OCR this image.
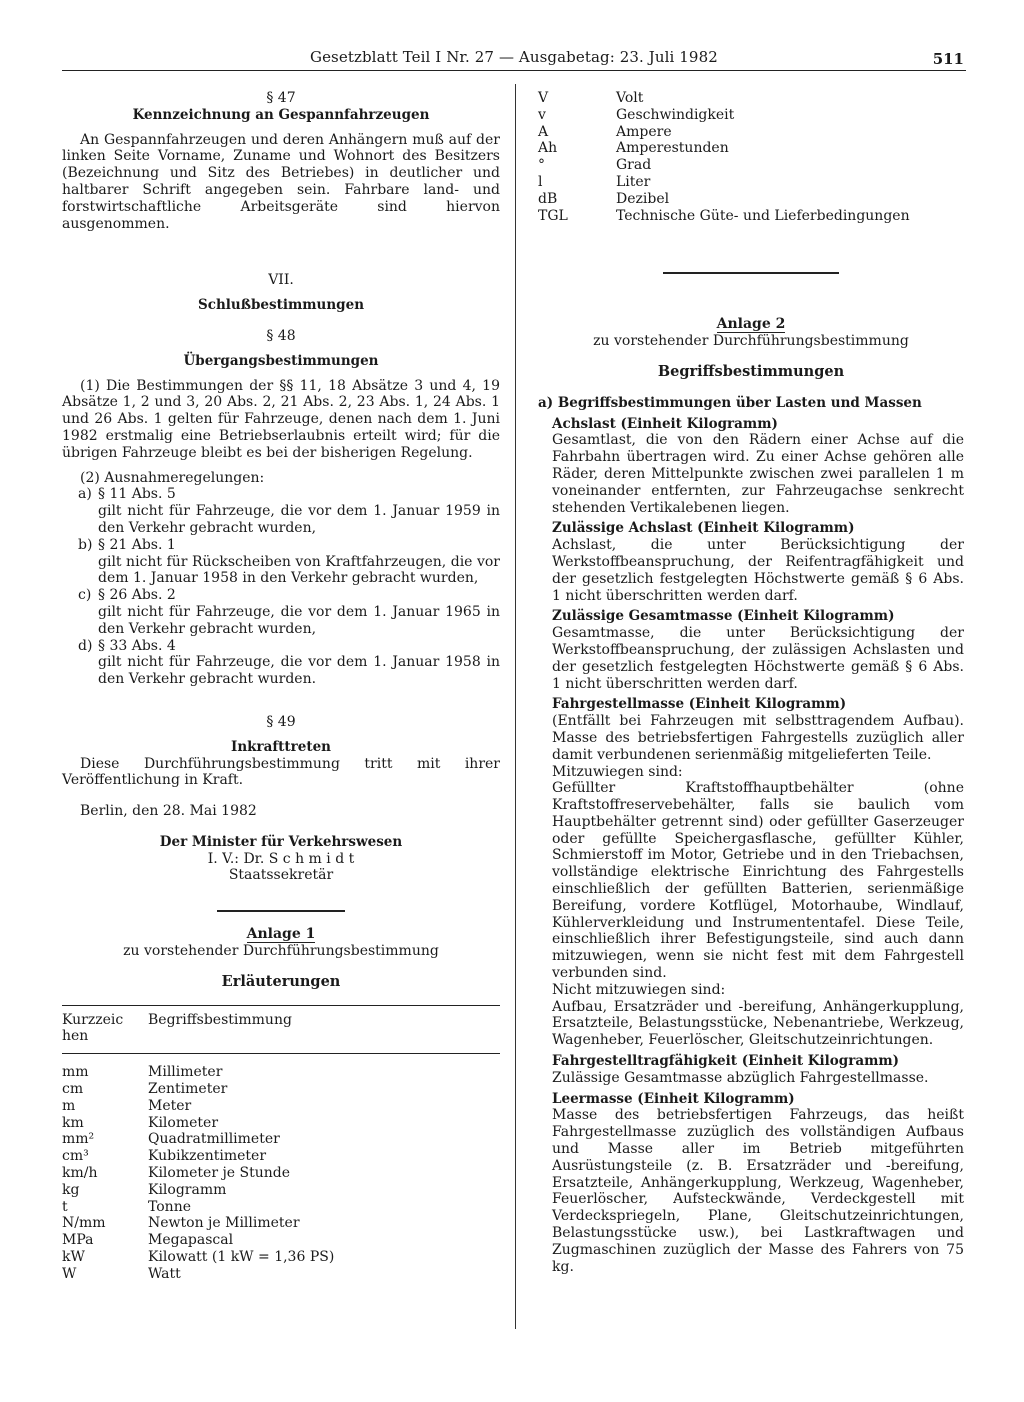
Gesetzblatt Teil I Nr. 27 — Ausgabetag: 23. Juli 1982	511

§ 47

Kennzeichnung an Gespannfahrzeugen

An Gespannfahrzeugen und deren Anhängern muß auf der linken Seite Vorname, Zuname und Wohnort des Besitzers (Bezeichnung und Sitz des Betriebes) in deutlicher und haltbarer Schrift angegeben sein. Fahrbare land- und forstwirtschaftliche Arbeitsgeräte sind hiervon ausgenommen.

VII.

Schlußbestimmungen

§ 48

Übergangsbestimmungen

(1) Die Bestimmungen der §§ 11, 18 Absätze 3 und 4, 19 Absätze 1, 2 und 3, 20 Abs. 2, 21 Abs. 2, 23 Abs. 1, 24 Abs. 1 und 26 Abs. 1 gelten für Fahrzeuge, denen nach dem 1. Juni 1982 erstmalig eine Betriebserlaubnis erteilt wird; für die übrigen Fahrzeuge bleibt es bei der bisherigen Regelung.

(2) Ausnahmeregelungen:

a) § 11 Abs. 5
gilt nicht für Fahrzeuge, die vor dem 1. Januar 1959 in den Verkehr gebracht wurden,
b) § 21 Abs. 1
gilt nicht für Rückscheiben von Kraftfahrzeugen, die vor dem 1. Januar 1958 in den Verkehr gebracht wurden,
c) § 26 Abs. 2
gilt nicht für Fahrzeuge, die vor dem 1. Januar 1965 in den Verkehr gebracht wurden,
d) § 33 Abs. 4
gilt nicht für Fahrzeuge, die vor dem 1. Januar 1958 in den Verkehr gebracht wurden.

§ 49

Inkrafttreten

Diese Durchführungsbestimmung tritt mit ihrer Veröffentlichung in Kraft.

Berlin, den 28. Mai 1982

Der Minister für Verkehrswesen

I. V.: Dr. S c h m i d t

Staatssekretär

Anlage 1

zu vorstehender Durchführungsbestimmung

Erläuterungen

Kurzzeichen	Begriffsbestimmung

mm	Millimeter
cm	Zentimeter
m	Meter
km	Kilometer
mm²	Quadratmillimeter
cm³	Kubikzentimeter
km/h	Kilometer je Stunde
kg	Kilogramm
t	Tonne
N/mm	Newton je Millimeter
MPa	Megapascal
kW	Kilowatt (1 kW = 1,36 PS)
W	Watt
V	Volt
v	Geschwindigkeit
A	Ampere
Ah	Amperestunden
°	Grad
l	Liter
dB	Dezibel
TGL	Technische Güte- und Lieferbedingungen

Anlage 2

zu vorstehender Durchführungsbestimmung

Begriffsbestimmungen

a) Begriffsbestimmungen über Lasten und Massen

Achslast (Einheit Kilogramm)

Gesamtlast, die von den Rädern einer Achse auf die Fahrbahn übertragen wird. Zu einer Achse gehören alle Räder, deren Mittelpunkte zwischen zwei parallelen 1 m voneinander entfernten, zur Fahrzeugachse senkrecht stehenden Vertikalebenen liegen.

Zulässige Achslast (Einheit Kilogramm)

Achslast, die unter Berücksichtigung der Werkstoffbeanspruchung, der Reifentragfähigkeit und der gesetzlich festgelegten Höchstwerte gemäß § 6 Abs. 1 nicht überschritten werden darf.

Zulässige Gesamtmasse (Einheit Kilogramm)

Gesamtmasse, die unter Berücksichtigung der Werkstoffbeanspruchung, der zulässigen Achslasten und der gesetzlich festgelegten Höchstwerte gemäß § 6 Abs. 1 nicht überschritten werden darf.

Fahrgestellmasse (Einheit Kilogramm)

(Entfällt bei Fahrzeugen mit selbsttragendem Aufbau). Masse des betriebsfertigen Fahrgestells zuzüglich aller damit verbundenen serienmäßig mitgelieferten Teile.

Mitzuwiegen sind:

Gefüllter Kraftstoffhauptbehälter (ohne Kraftstoffreservebehälter, falls sie baulich vom Hauptbehälter getrennt sind) oder gefüllter Gaserzeuger oder gefüllte Speichergasflasche, gefüllter Kühler, Schmierstoff im Motor, Getriebe und in den Triebachsen, vollständige elektrische Einrichtung des Fahrgestells einschließlich der gefüllten Batterien, serienmäßige Bereifung, vordere Kotflügel, Motorhaube, Windlauf, Kühlerverkleidung und Instrumententafel. Diese Teile, einschließlich ihrer Befestigungsteile, sind auch dann mitzuwiegen, wenn sie nicht fest mit dem Fahrgestell verbunden sind.

Nicht mitzuwiegen sind:

Aufbau, Ersatzräder und -bereifung, Anhängerkupplung, Ersatzteile, Belastungsstücke, Nebenantriebe, Werkzeug, Wagenheber, Feuerlöscher, Gleitschutzeinrichtungen.

Fahrgestelltragfähigkeit (Einheit Kilogramm)

Zulässige Gesamtmasse abzüglich Fahrgestellmasse.

Leermasse (Einheit Kilogramm)

Masse des betriebsfertigen Fahrzeugs, das heißt Fahrgestellmasse zuzüglich des vollständigen Aufbaus und Masse aller im Betrieb mitgeführten Ausrüstungsteile (z. B. Ersatzräder und -bereifung, Ersatzteile, Anhängerkupplung, Werkzeug, Wagenheber, Feuerlöscher, Aufsteckwände, Verdeckgestell mit Verdeckspriegeln, Plane, Gleitschutzeinrichtungen, Belastungsstücke usw.), bei Lastkraftwagen und Zugmaschinen zuzüglich der Masse des Fahrers von 75 kg.
